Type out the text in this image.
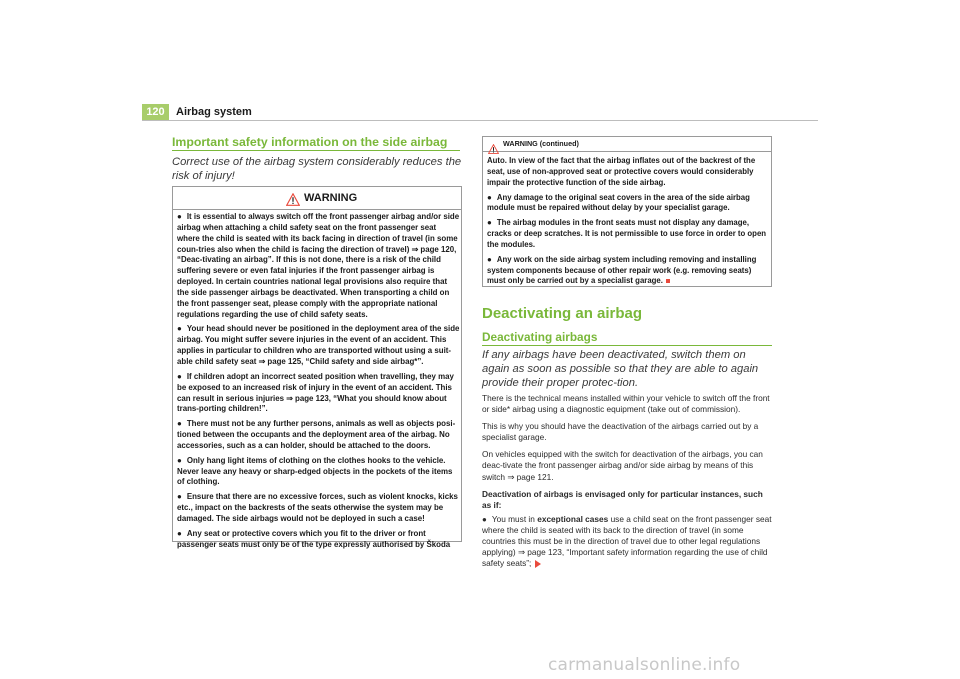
120	Airbag system
Important safety information on the side airbag
Correct use of the airbag system considerably reduces the risk of injury!
WARNING

● It is essential to always switch off the front passenger airbag and/or side airbag when attaching a child safety seat on the front passenger seat where the child is seated with its back facing in direction of travel (in some coun-tries also when the child is facing the direction of travel) ⇒ page 120, “Deac-tivating an airbag”. If this is not done, there is a risk of the child suffering severe or even fatal injuries if the front passenger airbag is deployed. In certain countries national legal provisions also require that the side passenger airbags be deactivated. When transporting a child on the front passenger seat, please comply with the appropriate national regulations regarding the use of child safety seats.

● Your head should never be positioned in the deployment area of the side airbag. You might suffer severe injuries in the event of an accident. This applies in particular to children who are transported without using a suit-able child safety seat ⇒ page 125, “Child safety and side airbag*”.

● If children adopt an incorrect seated position when travelling, they may be exposed to an increased risk of injury in the event of an accident. This can result in serious injuries ⇒ page 123, “What you should know about trans-porting children!”.

● There must not be any further persons, animals as well as objects posi-tioned between the occupants and the deployment area of the airbag. No accessories, such as a can holder, should be attached to the doors.

● Only hang light items of clothing on the clothes hooks to the vehicle. Never leave any heavy or sharp-edged objects in the pockets of the items of clothing.

● Ensure that there are no excessive forces, such as violent knocks, kicks etc., impact on the backrests of the seats otherwise the system may be damaged. The side airbags would not be deployed in such a case!

● Any seat or protective covers which you fit to the driver or front passenger seats must only be of the type expressly authorised by Škoda

WARNING (continued)

Auto. In view of the fact that the airbag inflates out of the backrest of the seat, use of non-approved seat or protective covers would considerably impair the protective function of the side airbag.

● Any damage to the original seat covers in the area of the side airbag module must be repaired without delay by your specialist garage.

● The airbag modules in the front seats must not display any damage, cracks or deep scratches. It is not permissible to use force in order to open the modules.

● Any work on the side airbag system including removing and installing system components because of other repair work (e.g. removing seats) must only be carried out by a specialist garage.

Deactivating an airbag
Deactivating airbags
If any airbags have been deactivated, switch them on again as soon as possible so that they are able to again provide their proper protec-tion.

There is the technical means installed within your vehicle to switch off the front or side* airbag using a diagnostic equipment (take out of commission).

This is why you should have the deactivation of the airbags carried out by a specialist garage.

On vehicles equipped with the switch for deactivation of the airbags, you can deac-tivate the front passenger airbag and/or side airbag by means of this switch ⇒ page 121.

Deactivation of airbags is envisaged only for particular instances, such as if:

● You must in exceptional cases use a child seat on the front passenger seat where the child is seated with its back to the direction of travel (in some countries this must be in the direction of travel due to other legal regulations applying) ⇒ page 123, “Important safety information regarding the use of child safety seats”;

carmanualsonline.info
